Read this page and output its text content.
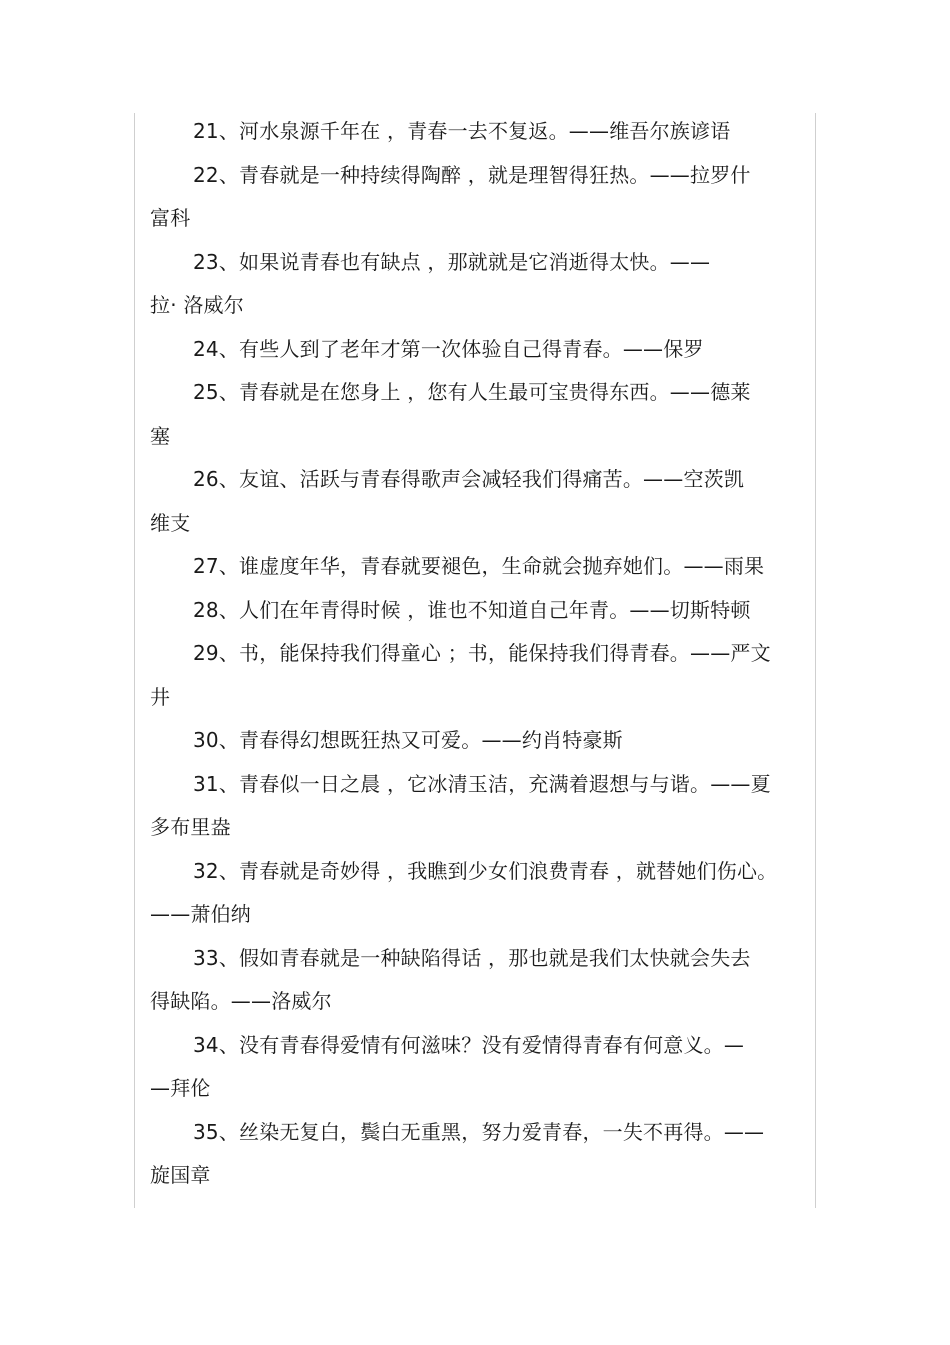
21、河水泉源千年在 ，青春一去不复返。——维吾尔族谚语
22、青春就是一种持续得陶醉 ，就是理智得狂热。——拉罗什
富科
23、如果说青春也有缺点 ，那就就是它消逝得太快。——
拉· 洛威尔
24、有些人到了老年才第一次体验自己得青春。——保罗
25、青春就是在您身上 ，您有人生最可宝贵得东西。——德莱
塞
26、友谊、活跃与青春得歌声会减轻我们得痛苦。——空茨凯
维支
27、谁虚度年华，青春就要褪色，生命就会抛弃她们。——雨果
28、人们在年青得时候 ，谁也不知道自己年青。——切斯特顿
29、书，能保持我们得童心 ；书，能保持我们得青春。——严文
井
30、青春得幻想既狂热又可爱。——约肖特豪斯
31、青春似一日之晨 ，它冰清玉洁，充满着遐想与与谐。——夏
多布里盎
32、青春就是奇妙得 ，我瞧到少女们浪费青春 ，就替她们伤心。
——萧伯纳
33、假如青春就是一种缺陷得话 ，那也就是我们太快就会失去
得缺陷。——洛威尔
34、没有青春得爱情有何滋味？没有爱情得青春有何意义。—
—拜伦
35、丝染无复白，鬓白无重黑，努力爱青春，一失不再得。——
旋国章
